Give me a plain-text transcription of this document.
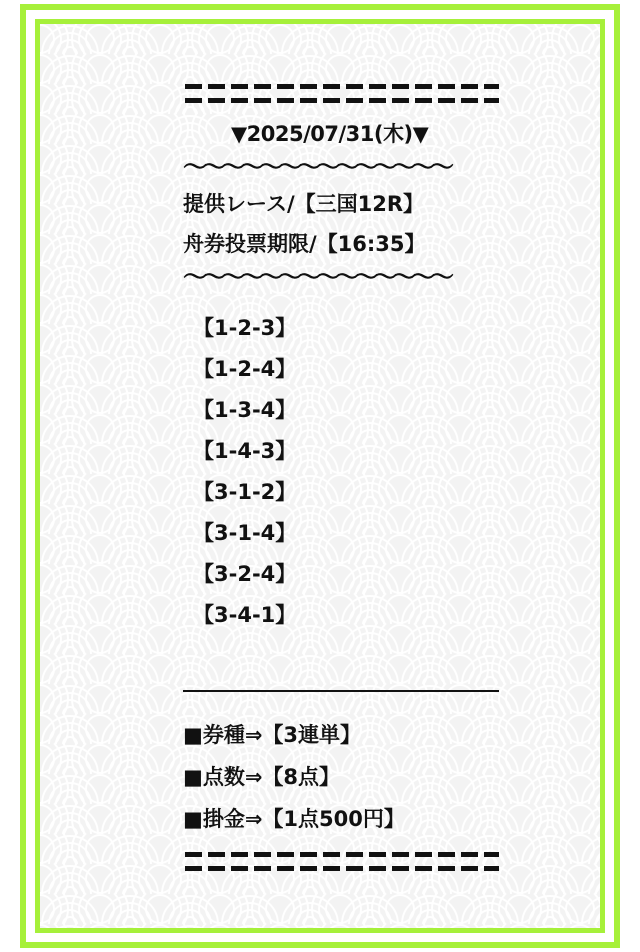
▼2025/07/31(木)▼
〜〜〜〜〜〜〜〜〜〜〜〜〜〜
提供レース/【三国12R】
舟券投票期限/【16:35】
〜〜〜〜〜〜〜〜〜〜〜〜〜〜
【1-2-3】
【1-2-4】
【1-3-4】
【1-4-3】
【3-1-2】
【3-1-4】
【3-2-4】
【3-4-1】
■券種⇒【3連単】
■点数⇒【8点】
■掛金⇒【1点500円】
